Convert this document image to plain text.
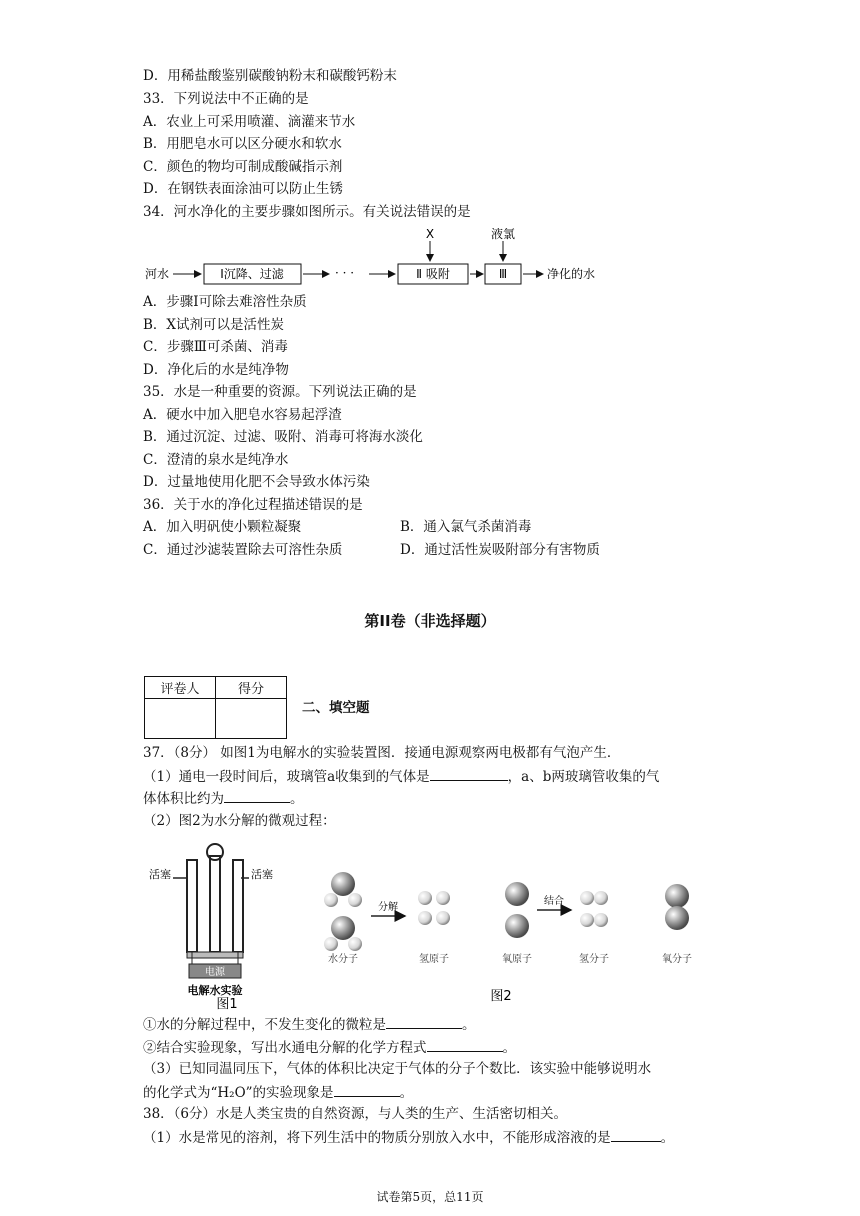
D．用稀盐酸鉴别碳酸钠粉末和碳酸钙粉末
33．下列说法中不正确的是
A．农业上可采用喷灌、滴灌来节水
B．用肥皂水可以区分硬水和软水
C．颜色的物均可制成酸碱指示剂
D．在钢铁表面涂油可以防止生锈
34．河水净化的主要步骤如图所示。有关说法错误的是
河水	Ⅰ沉降、过滤	· · ·	Ⅱ 吸附
X
Ⅲ
液氯
净化的水
A．步骤Ⅰ可除去难溶性杂质
B．X试剂可以是活性炭
C．步骤Ⅲ可杀菌、消毒
D．净化后的水是纯净物
35．水是一种重要的资源。下列说法正确的是
A．硬水中加入肥皂水容易起浮渣
B．通过沉淀、过滤、吸附、消毒可将海水淡化
C．澄清的泉水是纯净水
D．过量地使用化肥不会导致水体污染
36．关于水的净化过程描述错误的是
A．加入明矾使小颗粒凝聚	B．通入氯气杀菌消毒
C．通过沙滤装置除去可溶性杂质	D．通过活性炭吸附部分有害物质
第II卷（非选择题）
评卷人	得分

二、填空题
37．（8分） 如图1为电解水的实验装置图．接通电源观察两电极都有气泡产生．
（1）通电一段时间后，玻璃管a收集到的气体是	，a、b两玻璃管收集的气
体体积比约为	。
（2）图2为水分解的微观过程：
活塞	活塞
电源
电解水实验
图1
水分子
分解
氢原子	氧原子
结合
氢分子	氧分子
图2
①水的分解过程中，不发生变化的微粒是	。
②结合实验现象，写出水通电分解的化学方程式	。
（3）已知同温同压下，气体的体积比决定于气体的分子个数比．该实验中能够说明水
的化学式为“H₂O”的实验现象是	。
38．（6分）水是人类宝贵的自然资源，与人类的生产、生活密切相关。
（1）水是常见的溶剂，将下列生活中的物质分别放入水中，不能形成溶液的是	。
试卷第5页，总11页
